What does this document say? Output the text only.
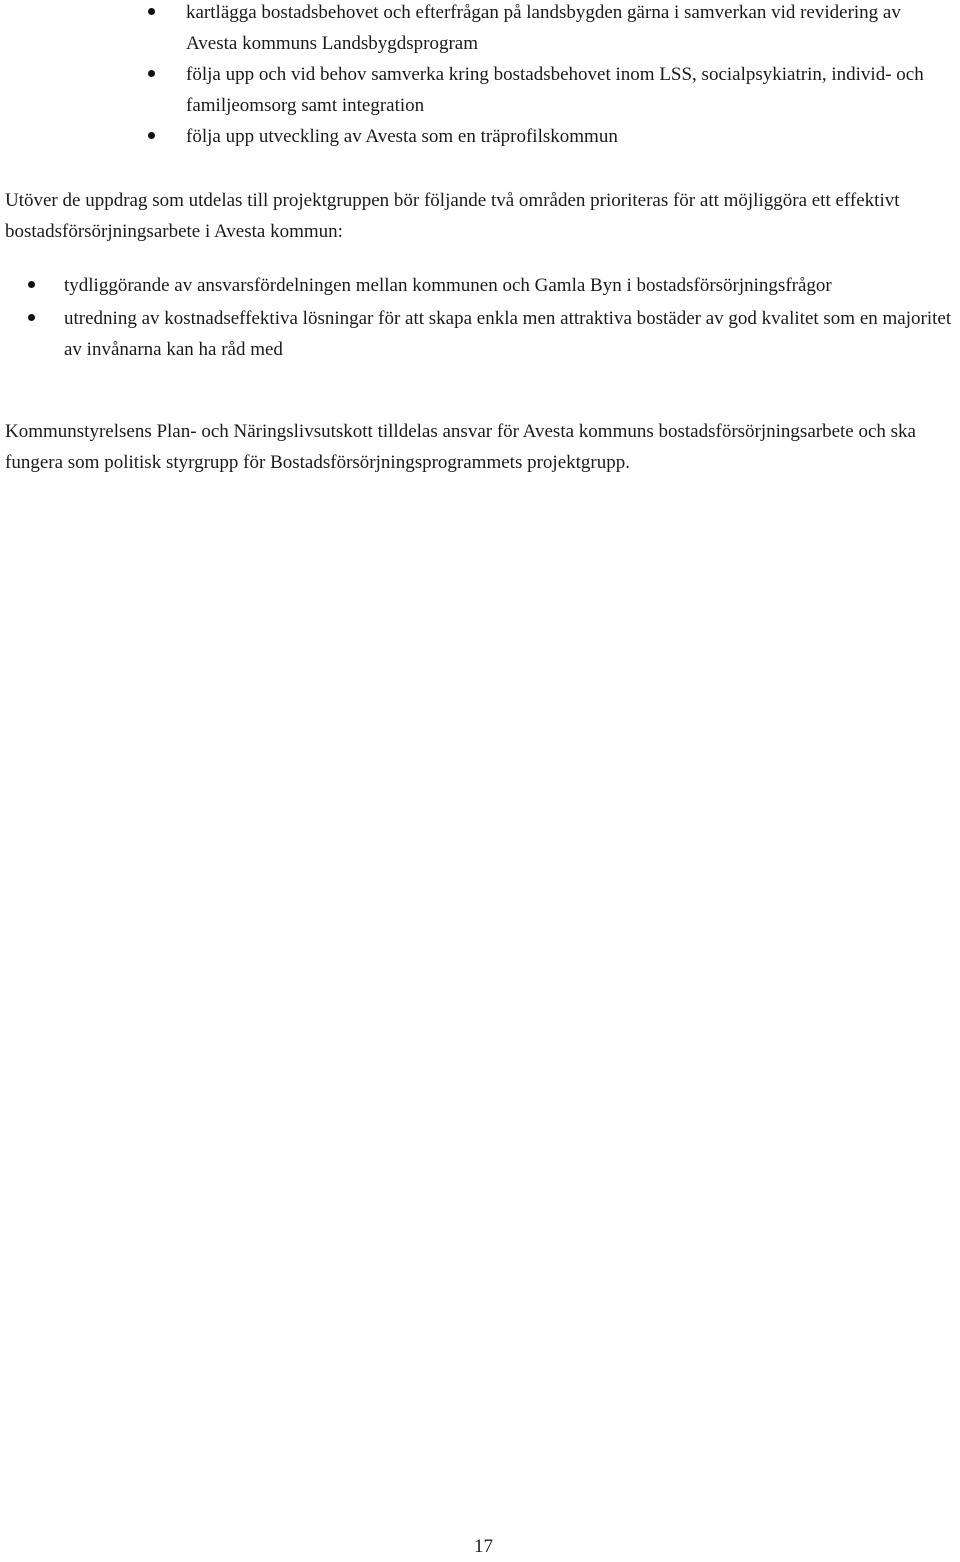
kartlägga bostadsbehovet och efterfrågan på landsbygden gärna i samverkan vid revidering av Avesta kommuns Landsbygdsprogram
följa upp och vid behov samverka kring bostadsbehovet inom LSS, socialpsykiatrin, individ- och familjeomsorg samt integration
följa upp utveckling av Avesta som en träprofilskommun

Utöver de uppdrag som utdelas till projektgruppen bör följande två områden prioriteras för att möjliggöra ett effektivt bostadsförsörjningsarbete i Avesta kommun:

tydliggörande av ansvarsfördelningen mellan kommunen och Gamla Byn i bostadsförsörjningsfrågor
utredning av kostnadseffektiva lösningar för att skapa enkla men attraktiva bostäder av god kvalitet som en majoritet av invånarna kan ha råd med

Kommunstyrelsens Plan- och Näringslivsutskott tilldelas ansvar för Avesta kommuns bostadsförsörjningsarbete och ska fungera som politisk styrgrupp för Bostadsförsörjningsprogrammets projektgrupp.

17
